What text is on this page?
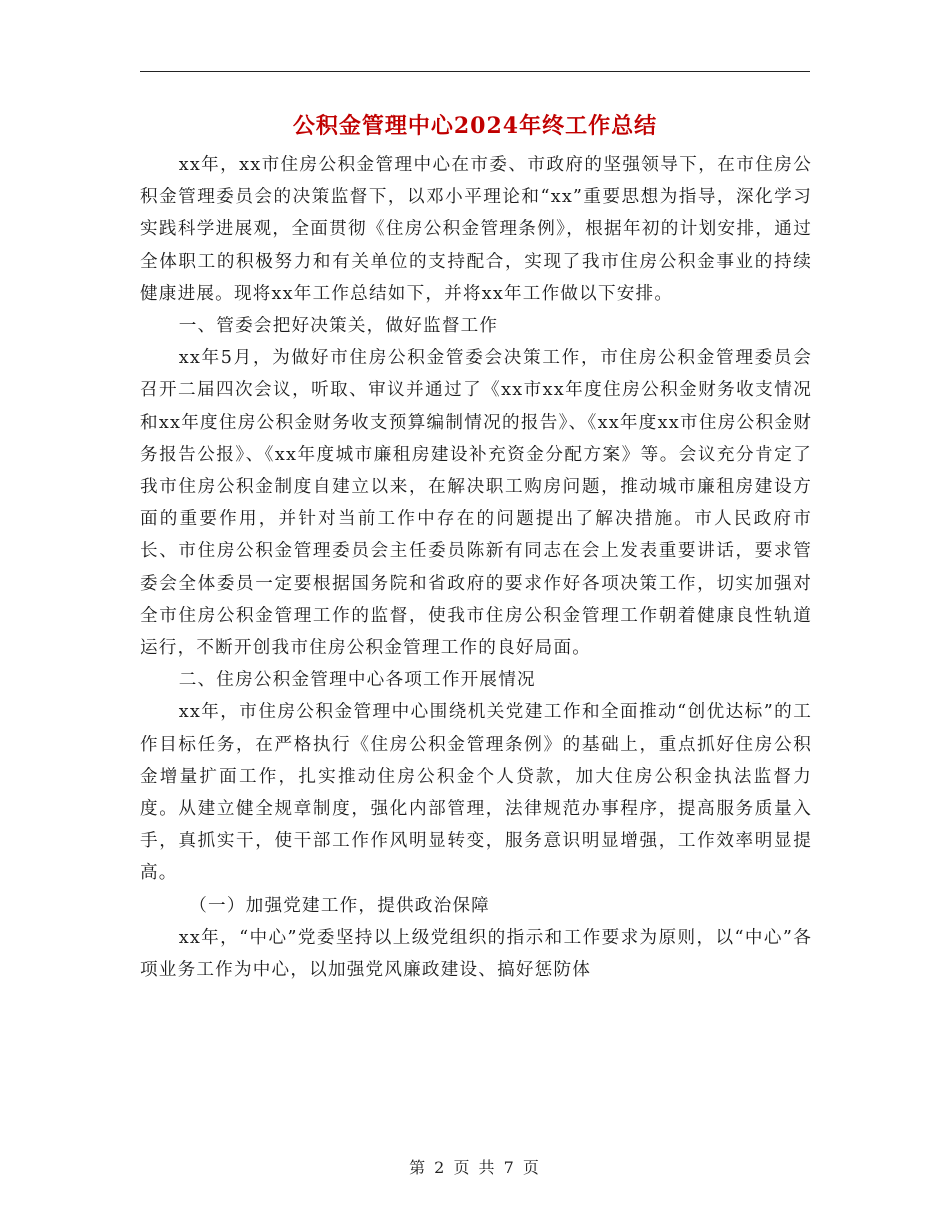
公积金管理中心2024年终工作总结

xx年，xx市住房公积金管理中心在市委、市政府的坚强领导下，在市住房公积金管理委员会的决策监督下，以邓小平理论和“xx”重要思想为指导，深化学习实践科学进展观，全面贯彻《住房公积金管理条例》，根据年初的计划安排，通过全体职工的积极努力和有关单位的支持配合，实现了我市住房公积金事业的持续健康进展。现将xx年工作总结如下，并将xx年工作做以下安排。

一、管委会把好决策关，做好监督工作

xx年5月，为做好市住房公积金管委会决策工作，市住房公积金管理委员会召开二届四次会议，听取、审议并通过了《xx市xx年度住房公积金财务收支情况和xx年度住房公积金财务收支预算编制情况的报告》、《xx年度xx市住房公积金财务报告公报》、《xx年度城市廉租房建设补充资金分配方案》等。会议充分肯定了我市住房公积金制度自建立以来，在解决职工购房问题，推动城市廉租房建设方面的重要作用，并针对当前工作中存在的问题提出了解决措施。市人民政府市长、市住房公积金管理委员会主任委员陈新有同志在会上发表重要讲话，要求管委会全体委员一定要根据国务院和省政府的要求作好各项决策工作，切实加强对全市住房公积金管理工作的监督，使我市住房公积金管理工作朝着健康良性轨道运行，不断开创我市住房公积金管理工作的良好局面。

二、住房公积金管理中心各项工作开展情况

xx年，市住房公积金管理中心围绕机关党建工作和全面推动“创优达标”的工作目标任务，在严格执行《住房公积金管理条例》的基础上，重点抓好住房公积金增量扩面工作，扎实推动住房公积金个人贷款，加大住房公积金执法监督力度。从建立健全规章制度，强化内部管理，法律规范办事程序，提高服务质量入手，真抓实干，使干部工作作风明显转变，服务意识明显增强，工作效率明显提高。

（一）加强党建工作，提供政治保障

xx年，“中心”党委坚持以上级党组织的指示和工作要求为原则，以“中心”各项业务工作为中心，以加强党风廉政建设、搞好惩防体

第 2 页 共 7 页
